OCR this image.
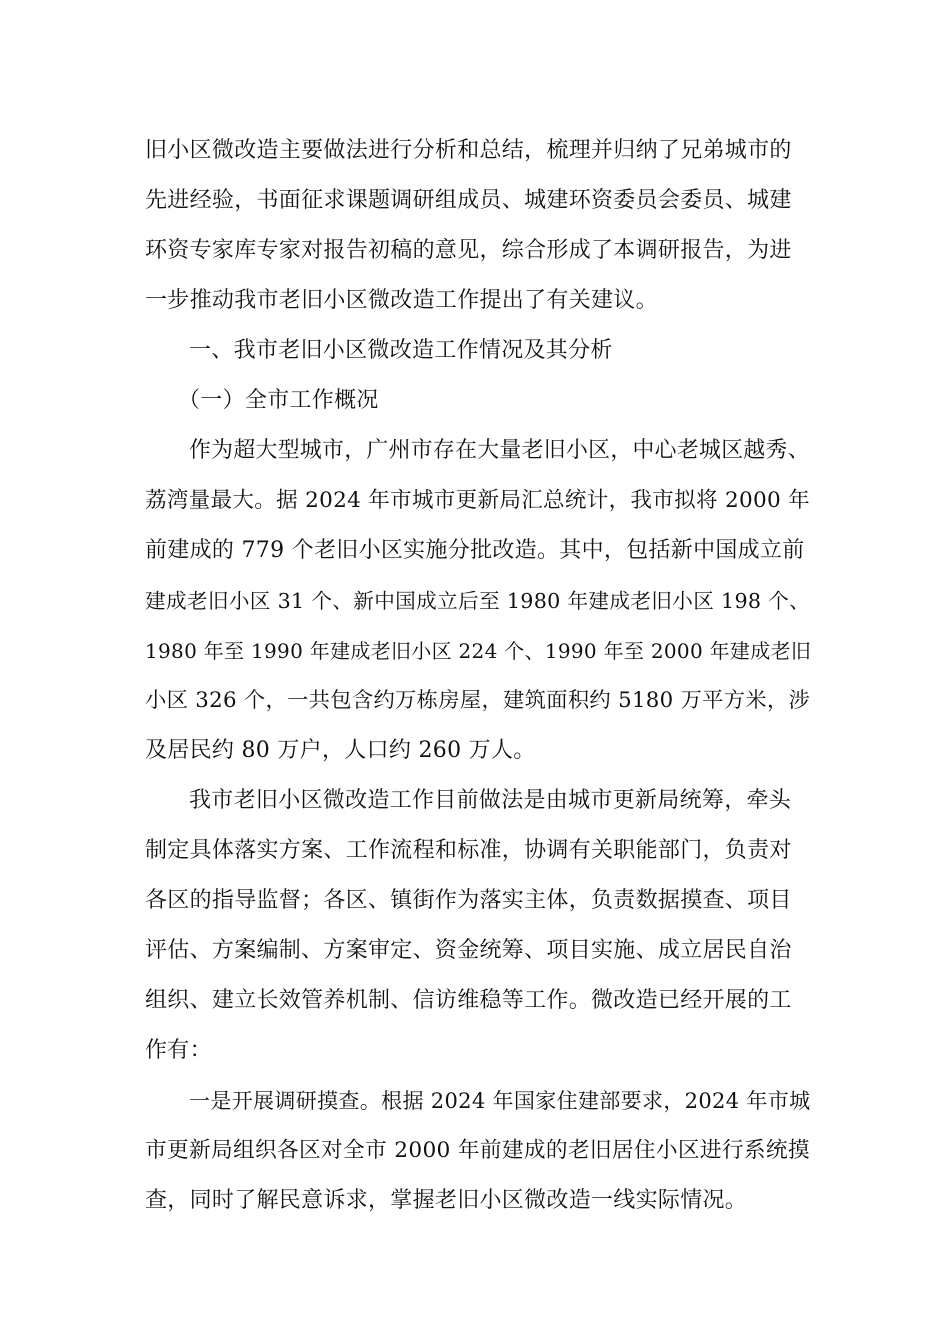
旧小区微改造主要做法进行分析和总结，梳理并归纳了兄弟城市的
先进经验，书面征求课题调研组成员、城建环资委员会委员、城建
环资专家库专家对报告初稿的意见，综合形成了本调研报告，为进
一步推动我市老旧小区微改造工作提出了有关建议。
一、我市老旧小区微改造工作情况及其分析
（一）全市工作概况
作为超大型城市，广州市存在大量老旧小区，中心老城区越秀、
荔湾量最大。据 2024 年市城市更新局汇总统计，我市拟将 2000 年
前建成的 779 个老旧小区实施分批改造。其中，包括新中国成立前
建成老旧小区 31 个、新中国成立后至 1980 年建成老旧小区 198 个、
1980 年至 1990 年建成老旧小区 224 个、1990 年至 2000 年建成老旧
小区 326 个，一共包含约万栋房屋，建筑面积约 5180 万平方米，涉
及居民约 80 万户，人口约 260 万人。
我市老旧小区微改造工作目前做法是由城市更新局统筹，牵头
制定具体落实方案、工作流程和标准，协调有关职能部门，负责对
各区的指导监督；各区、镇街作为落实主体，负责数据摸查、项目
评估、方案编制、方案审定、资金统筹、项目实施、成立居民自治
组织、建立长效管养机制、信访维稳等工作。微改造已经开展的工
作有：
一是开展调研摸查。根据 2024 年国家住建部要求，2024 年市城
市更新局组织各区对全市 2000 年前建成的老旧居住小区进行系统摸
查，同时了解民意诉求，掌握老旧小区微改造一线实际情况。
